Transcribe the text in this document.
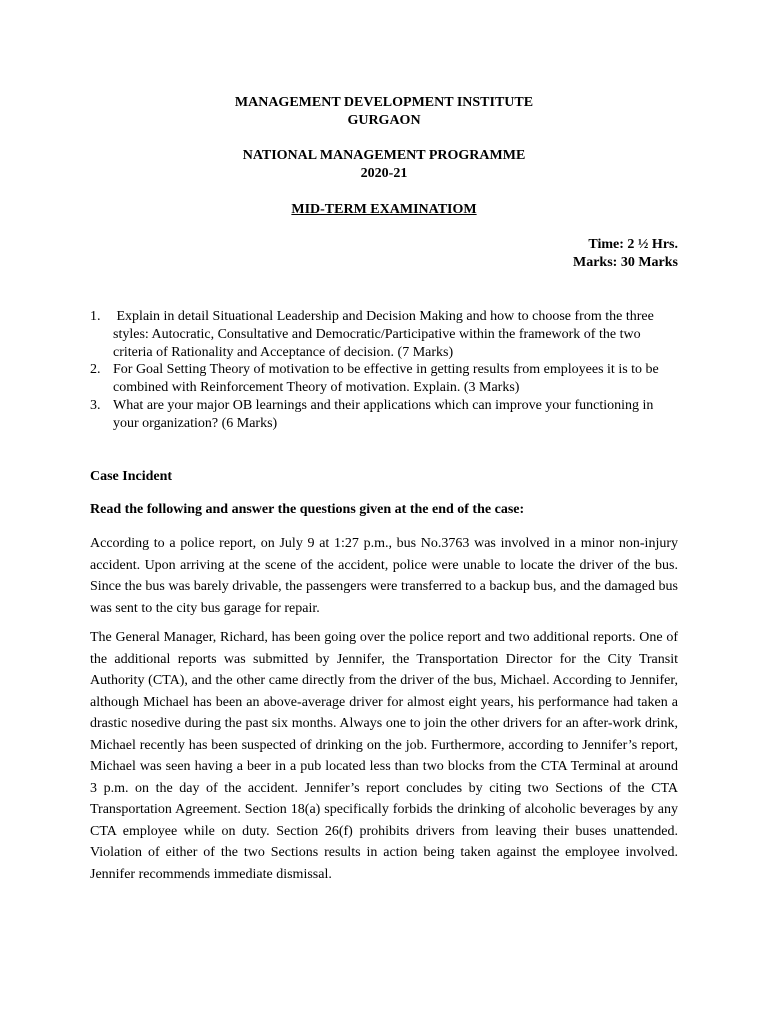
MANAGEMENT DEVELOPMENT INSTITUTE

GURGAON

NATIONAL MANAGEMENT PROGRAMME

2020-21

MID-TERM EXAMINATIOM

Time: 2 ½ Hrs.

Marks: 30 Marks

1. Explain in detail Situational Leadership and Decision Making and how to choose from the three styles: Autocratic, Consultative and Democratic/Participative within the framework of the two criteria of Rationality and Acceptance of decision. (7 Marks)
2. For Goal Setting Theory of motivation to be effective in getting results from employees it is to be combined with Reinforcement Theory of motivation. Explain. (3 Marks)
3. What are your major OB learnings and their applications which can improve your functioning in your organization? (6 Marks)

Case Incident

Read the following and answer the questions given at the end of the case:

According to a police report, on July 9 at 1:27 p.m., bus No.3763 was involved in a minor non-injury accident. Upon arriving at the scene of the accident, police were unable to locate the driver of the bus. Since the bus was barely drivable, the passengers were transferred to a backup bus, and the damaged bus was sent to the city bus garage for repair.

The General Manager, Richard, has been going over the police report and two additional reports. One of the additional reports was submitted by Jennifer, the Transportation Director for the City Transit Authority (CTA), and the other came directly from the driver of the bus, Michael. According to Jennifer, although Michael has been an above-average driver for almost eight years, his performance had taken a drastic nosedive during the past six months. Always one to join the other drivers for an after-work drink, Michael recently has been suspected of drinking on the job. Furthermore, according to Jennifer’s report, Michael was seen having a beer in a pub located less than two blocks from the CTA Terminal at around 3 p.m. on the day of the accident. Jennifer’s report concludes by citing two Sections of the CTA Transportation Agreement. Section 18(a) specifically forbids the drinking of alcoholic beverages by any CTA employee while on duty. Section 26(f) prohibits drivers from leaving their buses unattended. Violation of either of the two Sections results in action being taken against the employee involved. Jennifer recommends immediate dismissal.
